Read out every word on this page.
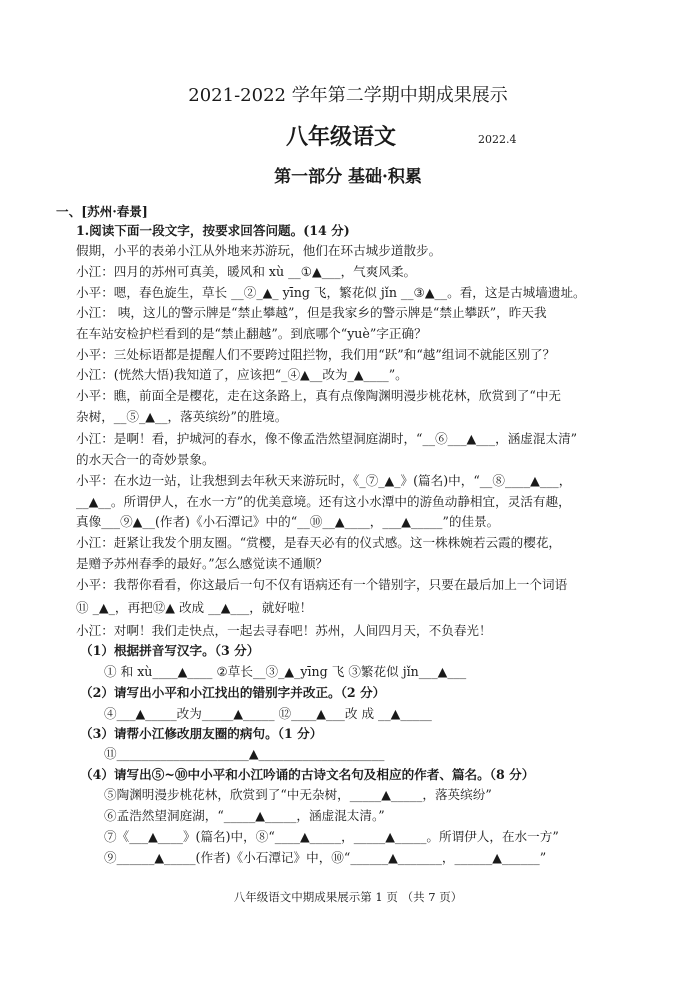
2021-2022 学年第二学期中期成果展示
八年级语文	2022.4
第一部分 基础·积累
一、[苏州·春景]
1.阅读下面一段文字，按要求回答问题。(14 分)
假期，小平的表弟小江从外地来苏游玩，他们在环古城步道散步。
小江：四月的苏州可真美，暖风和 xù __①▲___，气爽风柔。
小平：嗯，春色旋生，草长 __②_▲_ yīng 飞，繁花似 jǐn __③▲__。看，这是古城墙遗址。
小江： 咦，这儿的警示牌是“禁止攀越”，但是我家乡的警示牌是“禁止攀跃”，昨天我
在车站安检护栏看到的是“禁止翻越”。到底哪个“yuè”字正确？
小平：三处标语都是提醒人们不要跨过阻拦物，我们用“跃”和“越”组词不就能区别了？
小江：(恍然大悟)我知道了，应该把“_④▲__改为_▲____”。
小平：瞧，前面全是樱花，走在这条路上，真有点像陶渊明漫步桃花林，欣赏到了“中无
杂树，__⑤_▲__，落英缤纷”的胜境。
小江：是啊！看，护城河的春水，像不像孟浩然望洞庭湖时，“__⑥___▲___，涵虚混太清”
的水天合一的奇妙景象。
小平：在水边一站，让我想到去年秋天来游玩时，《_⑦_▲_》(篇名)中，“__⑧____▲___，
__▲__。所谓伊人，在水一方”的优美意境。还有这小水潭中的游鱼动静相宜，灵活有趣，
真像___⑨▲__(作者)《小石潭记》中的“__⑩__▲____，___▲_____”的佳景。
小江：赶紧让我发个朋友圈。“赏樱，是春天必有的仪式感。这一株株婉若云霞的樱花，
是赠予苏州春季的最好。”怎么感觉读不通顺？
小平：我帮你看看，你这最后一句不仅有语病还有一个错别字，只要在最后加上一个词语
⑪ _▲_，再把⑫▲ 改成 __▲___，就好啦！
小江：对啊！我们走快点，一起去寻春吧！苏州，人间四月天，不负春光！
（1）根据拼音写汉字。（3 分）
① 和 xù____▲____ ②草长__③_▲_yīng 飞 ③繁花似 jǐn___▲___
（2）请写出小平和小江找出的错别字并改正。（2 分）
④___▲_____改为_____▲_____ ⑫____▲___改 成 __▲_____
（3）请帮小江修改朋友圈的病句。（1 分）
⑪_____________________▲____________________
（4）请写出⑤~⑩中小平和小江吟诵的古诗文名句及相应的作者、篇名。（8 分）
⑤陶渊明漫步桃花林，欣赏到了“中无杂树，_____▲_____，落英缤纷”
⑥孟浩然望洞庭湖，“_____▲_____，涵虚混太清。”
⑦《___▲____》(篇名)中，⑧“____▲_____，_____▲_____。所谓伊人，在水一方”
⑨______▲_____(作者)《小石潭记》中，⑩“______▲_______，______▲______”
八年级语文中期成果展示第 1 页 （共 7 页）
